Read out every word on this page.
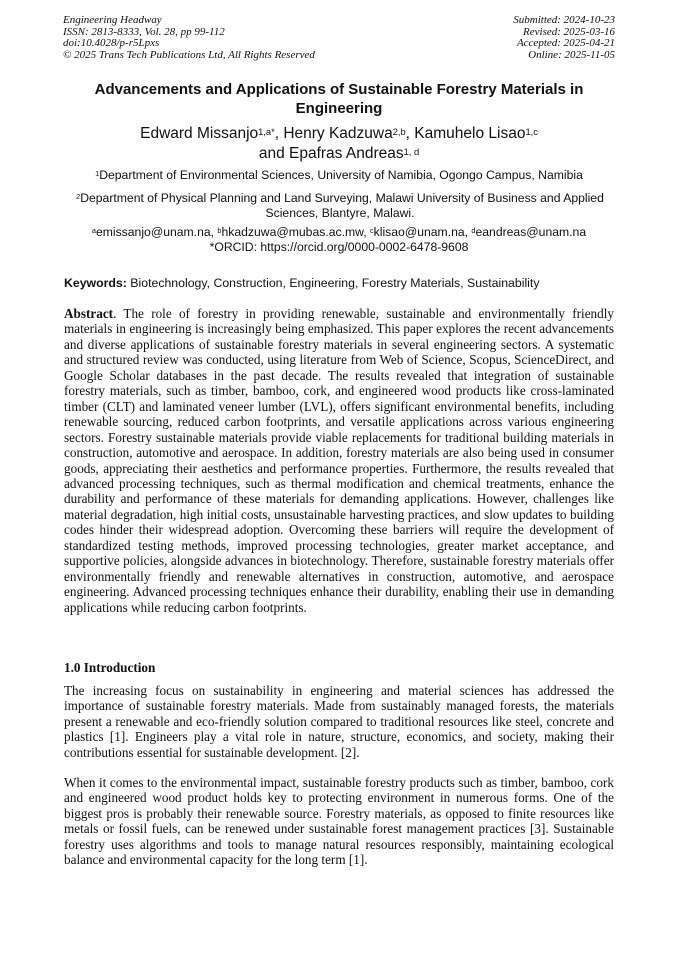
Engineering Headway
ISSN: 2813-8333, Vol. 28, pp 99-112
doi:10.4028/p-r5Lpxs
© 2025 Trans Tech Publications Ltd, All Rights Reserved
Submitted: 2024-10-23
Revised: 2025-03-16
Accepted: 2025-04-21
Online: 2025-11-05
Advancements and Applications of Sustainable Forestry Materials in Engineering
Edward Missanjo$^{1,a*}$, Henry Kadzuwa$^{2,b}$, Kamuhelo Lisao$^{1,c}$
and Epafras Andreas$^{1, d}$
$^1$Department of Environmental Sciences, University of Namibia, Ogongo Campus, Namibia
$^2$Department of Physical Planning and Land Surveying, Malawi University of Business and Applied Sciences, Blantyre, Malawi.
$^a$emissanjo@unam.na, $^b$hkadzuwa@mubas.ac.mw, $^c$klisao@unam.na, $^d$eandreas@unam.na
*ORCID: https://orcid.org/0000-0002-6478-9608
Keywords: Biotechnology, Construction, Engineering, Forestry Materials, Sustainability
Abstract. The role of forestry in providing renewable, sustainable and environmentally friendly materials in engineering is increasingly being emphasized. This paper explores the recent advancements and diverse applications of sustainable forestry materials in several engineering sectors. A systematic and structured review was conducted, using literature from Web of Science, Scopus, ScienceDirect, and Google Scholar databases in the past decade. The results revealed that integration of sustainable forestry materials, such as timber, bamboo, cork, and engineered wood products like cross-laminated timber (CLT) and laminated veneer lumber (LVL), offers significant environmental benefits, including renewable sourcing, reduced carbon footprints, and versatile applications across various engineering sectors. Forestry sustainable materials provide viable replacements for traditional building materials in construction, automotive and aerospace. In addition, forestry materials are also being used in consumer goods, appreciating their aesthetics and performance properties. Furthermore, the results revealed that advanced processing techniques, such as thermal modification and chemical treatments, enhance the durability and performance of these materials for demanding applications. However, challenges like material degradation, high initial costs, unsustainable harvesting practices, and slow updates to building codes hinder their widespread adoption. Overcoming these barriers will require the development of standardized testing methods, improved processing technologies, greater market acceptance, and supportive policies, alongside advances in biotechnology. Therefore, sustainable forestry materials offer environmentally friendly and renewable alternatives in construction, automotive, and aerospace engineering. Advanced processing techniques enhance their durability, enabling their use in demanding applications while reducing carbon footprints.
1.0 Introduction
The increasing focus on sustainability in engineering and material sciences has addressed the importance of sustainable forestry materials. Made from sustainably managed forests, the materials present a renewable and eco-friendly solution compared to traditional resources like steel, concrete and plastics [1]. Engineers play a vital role in nature, structure, economics, and society, making their contributions essential for sustainable development. [2].
When it comes to the environmental impact, sustainable forestry products such as timber, bamboo, cork and engineered wood product holds key to protecting environment in numerous forms. One of the biggest pros is probably their renewable source. Forestry materials, as opposed to finite resources like metals or fossil fuels, can be renewed under sustainable forest management practices [3]. Sustainable forestry uses algorithms and tools to manage natural resources responsibly, maintaining ecological balance and environmental capacity for the long term [1].
